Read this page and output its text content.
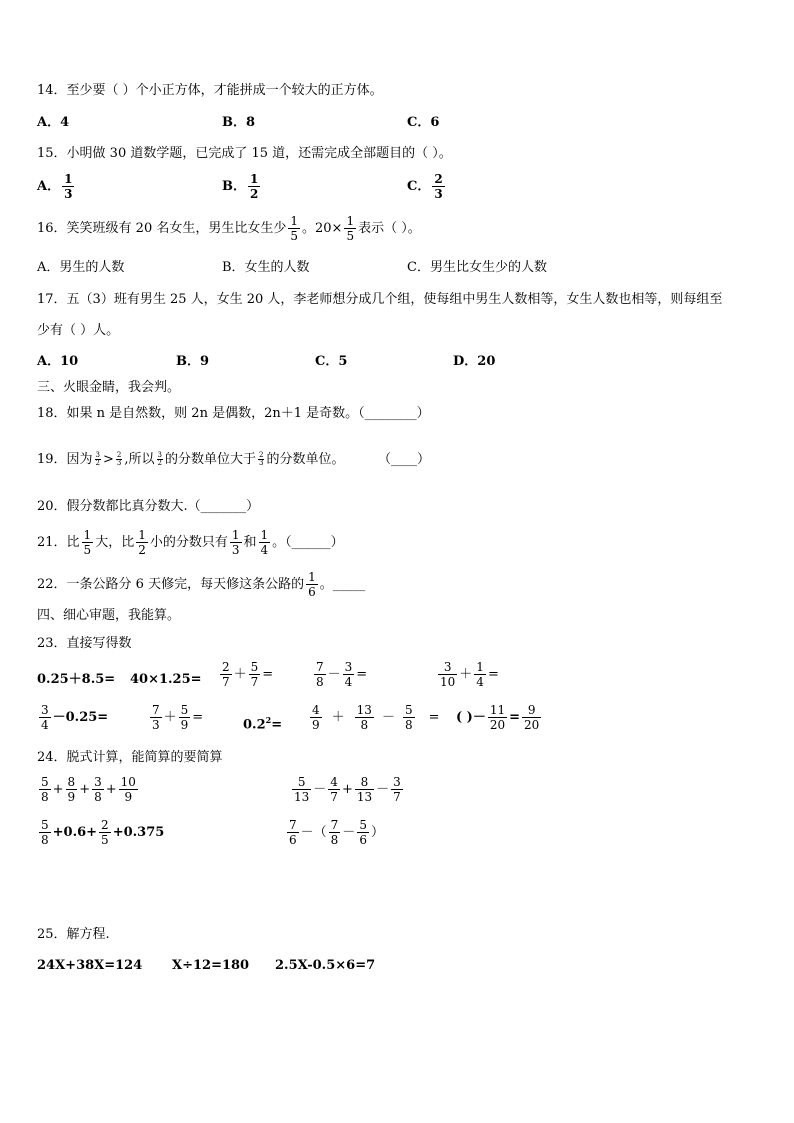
14．至少要（ ）个小正方体，才能拼成一个较大的正方体。
A．4	B．8	C．6
15．小明做 30 道数学题，已完成了 15 道，还需完成全部题目的（ ）。
A． $\frac{1}{3}$	B． $\frac{1}{2}$	C． $\frac{2}{3}$
16．笑笑班级有 20 名女生，男生比女生少 $\frac{1}{5}$ 。$20\times \frac{1}{5}$ 表示（ ）。
A．男生的人数	B．女生的人数	C．男生比女生少的人数
17．五（3）班有男生 25 人，女生 20 人，李老师想分成几个组，使每组中男生人数相等，女生人数也相等，则每组至
少有（ ）人。
A．10	B．9	C．5	D．20
三、火眼金睛，我会判。
18．如果 n 是自然数，则 2n 是偶数，2n＋1 是奇数。（________）
19．因为 $\frac{3}{2} > \frac{2}{3}$ ,所以 $\frac{3}{2}$ 的分数单位大于 $\frac{2}{3}$ 的分数单位。	（____）
20．假分数都比真分数大.（_______）
21．比 $\frac{1}{5}$ 大，比 $\frac{1}{2}$ 小的分数只有 $\frac{1}{3}$ 和 $\frac{1}{4}$ 。（______）
22．一条公路分 6 天修完，每天修这条公路的 $\frac{1}{6}$ 。_____
四、细心审题，我能算。
23．直接写得数
$0.25+8.5= 40\times 1.25= \frac{2}{7} + \frac{5}{7}$ =	$\frac{7}{8} - \frac{3}{4}$ =	$\frac{3}{10} + \frac{1}{4}$ =
$\frac{3}{4} -0.25=$	$\frac{7}{3} + \frac{5}{9}$ =	$0.2^2= \frac{4}{9} + \frac{13}{8} - \frac{5}{8}$ = ( )－ $\frac{11}{20} = \frac{9}{20}$
24．脱式计算，能简算的要简算
$\frac{5}{8} + \frac{8}{9} + \frac{3}{8} + \frac{10}{9}$	$\frac{5}{13} - \frac{4}{7} + \frac{8}{13} - \frac{3}{7}$
$\frac{5}{8} +0.6+ \frac{2}{5} +0.375$	$\frac{7}{6}$ －（ $\frac{7}{8} - \frac{5}{6}$ ）
25．解方程.
24X+38X=124 X÷12=180 2.5X-0.5×6=7
